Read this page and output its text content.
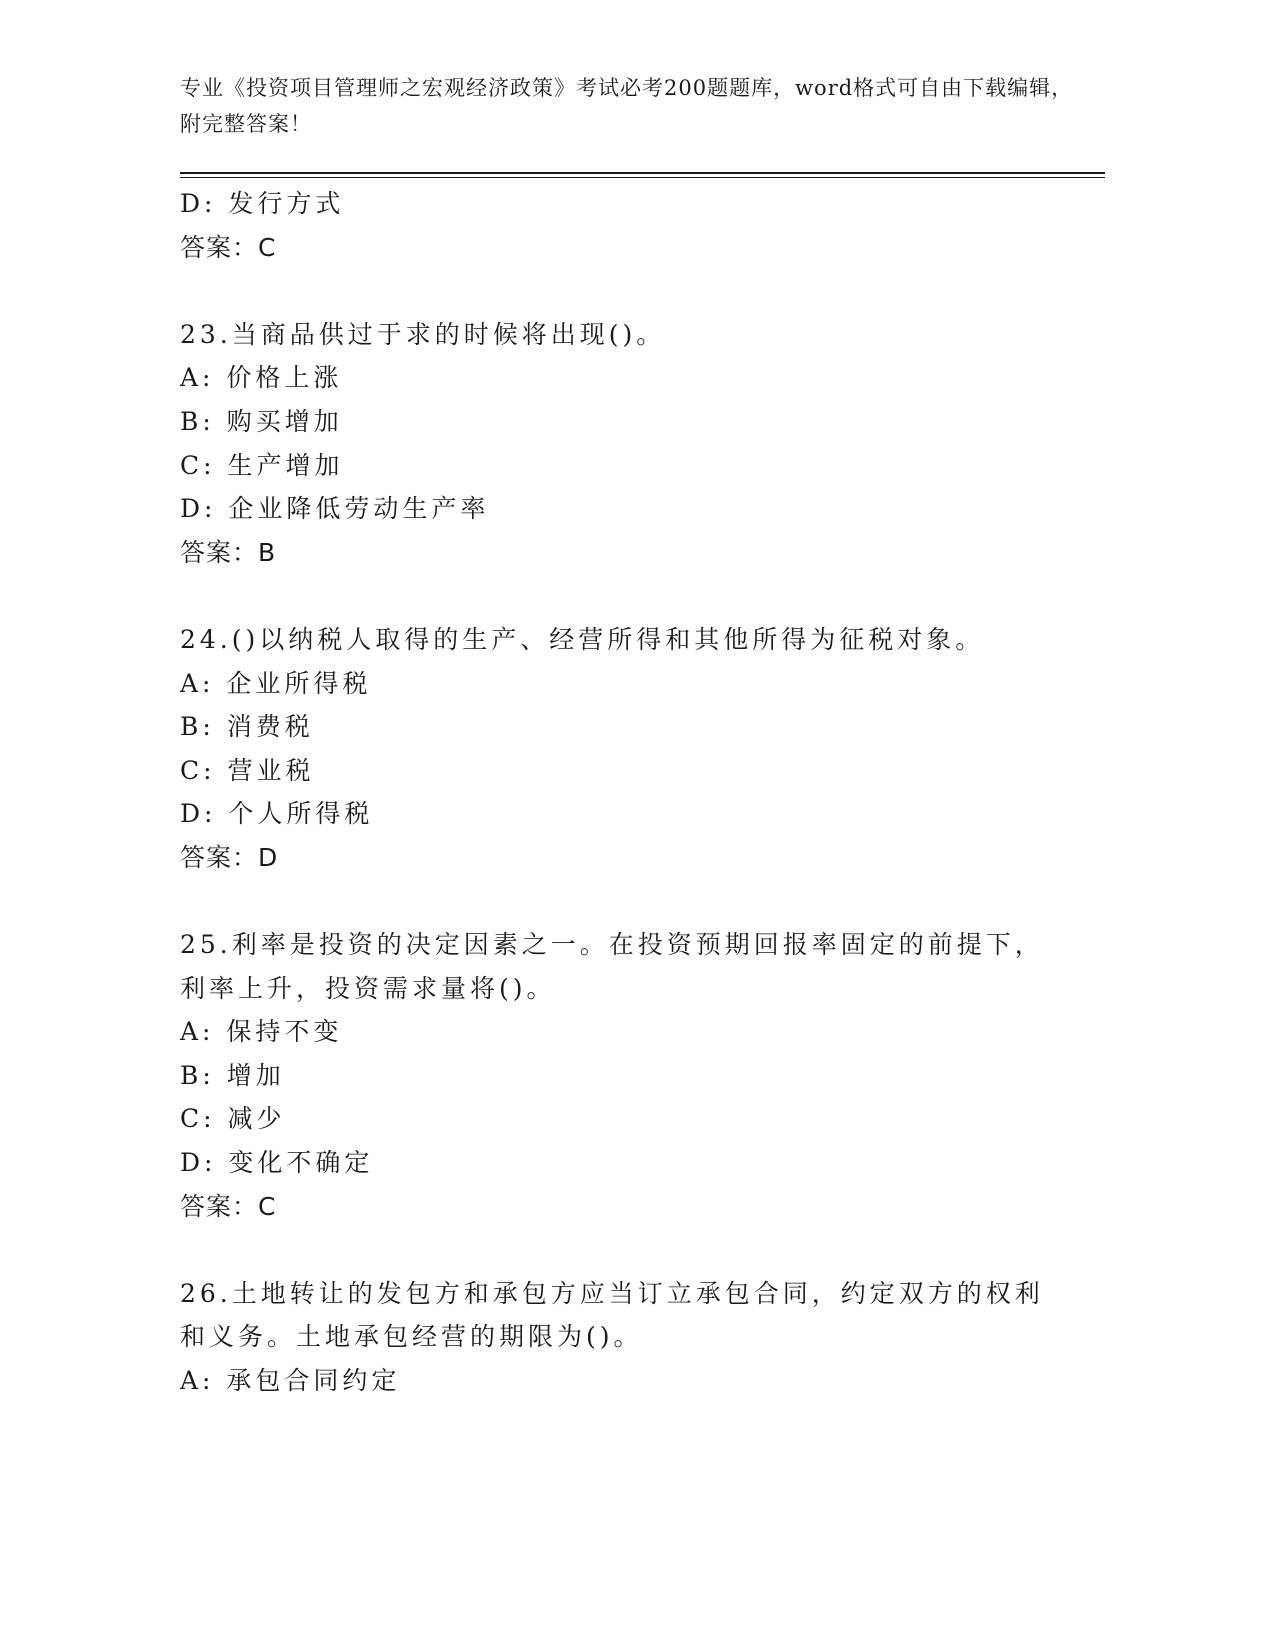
专业《投资项目管理师之宏观经济政策》考试必考200题题库，word格式可自由下载编辑，附完整答案！
D: 发行方式
答案：C
23.当商品供过于求的时候将出现()。
A: 价格上涨
B: 购买增加
C: 生产增加
D: 企业降低劳动生产率
答案：B
24.()以纳税人取得的生产、经营所得和其他所得为征税对象。
A: 企业所得税
B: 消费税
C: 营业税
D: 个人所得税
答案：D
25.利率是投资的决定因素之一。在投资预期回报率固定的前提下，利率上升，投资需求量将()。
A: 保持不变
B: 增加
C: 减少
D: 变化不确定
答案：C
26.土地转让的发包方和承包方应当订立承包合同，约定双方的权利和义务。土地承包经营的期限为()。
A: 承包合同约定
